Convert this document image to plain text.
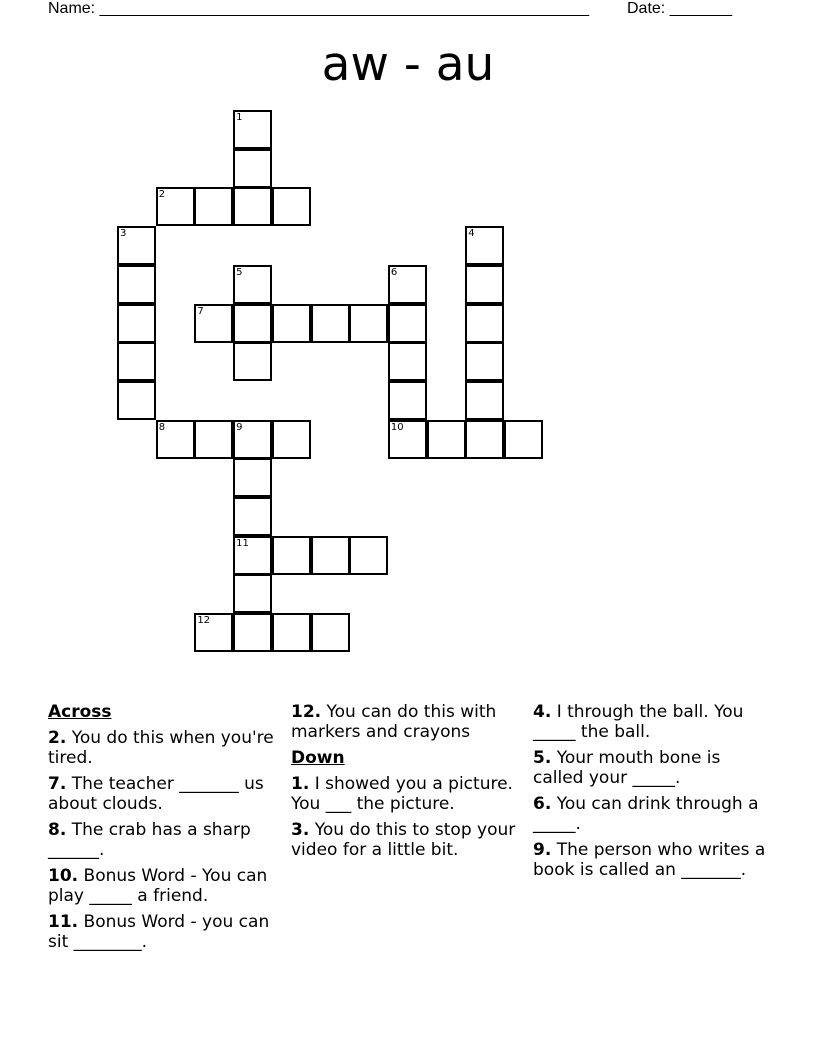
Name: _______________________________________________________ Date: _______
aw - au
1
2
3	4
5	6
10
7
8	9
11
12
Across
2. You do this when you're tired.
7. The teacher _______ us about clouds.
8. The crab has a sharp ______.
10. Bonus Word - You can play _____ a friend.
11. Bonus Word - you can sit ________.
12. You can do this with markers and crayons
Down
1. I showed you a picture. You ___ the picture.
3. You do this to stop your video for a little bit.
4. I through the ball. You _____ the ball.
5. Your mouth bone is called your _____.
6. You can drink through a _____.
9. The person who writes a book is called an _______.
